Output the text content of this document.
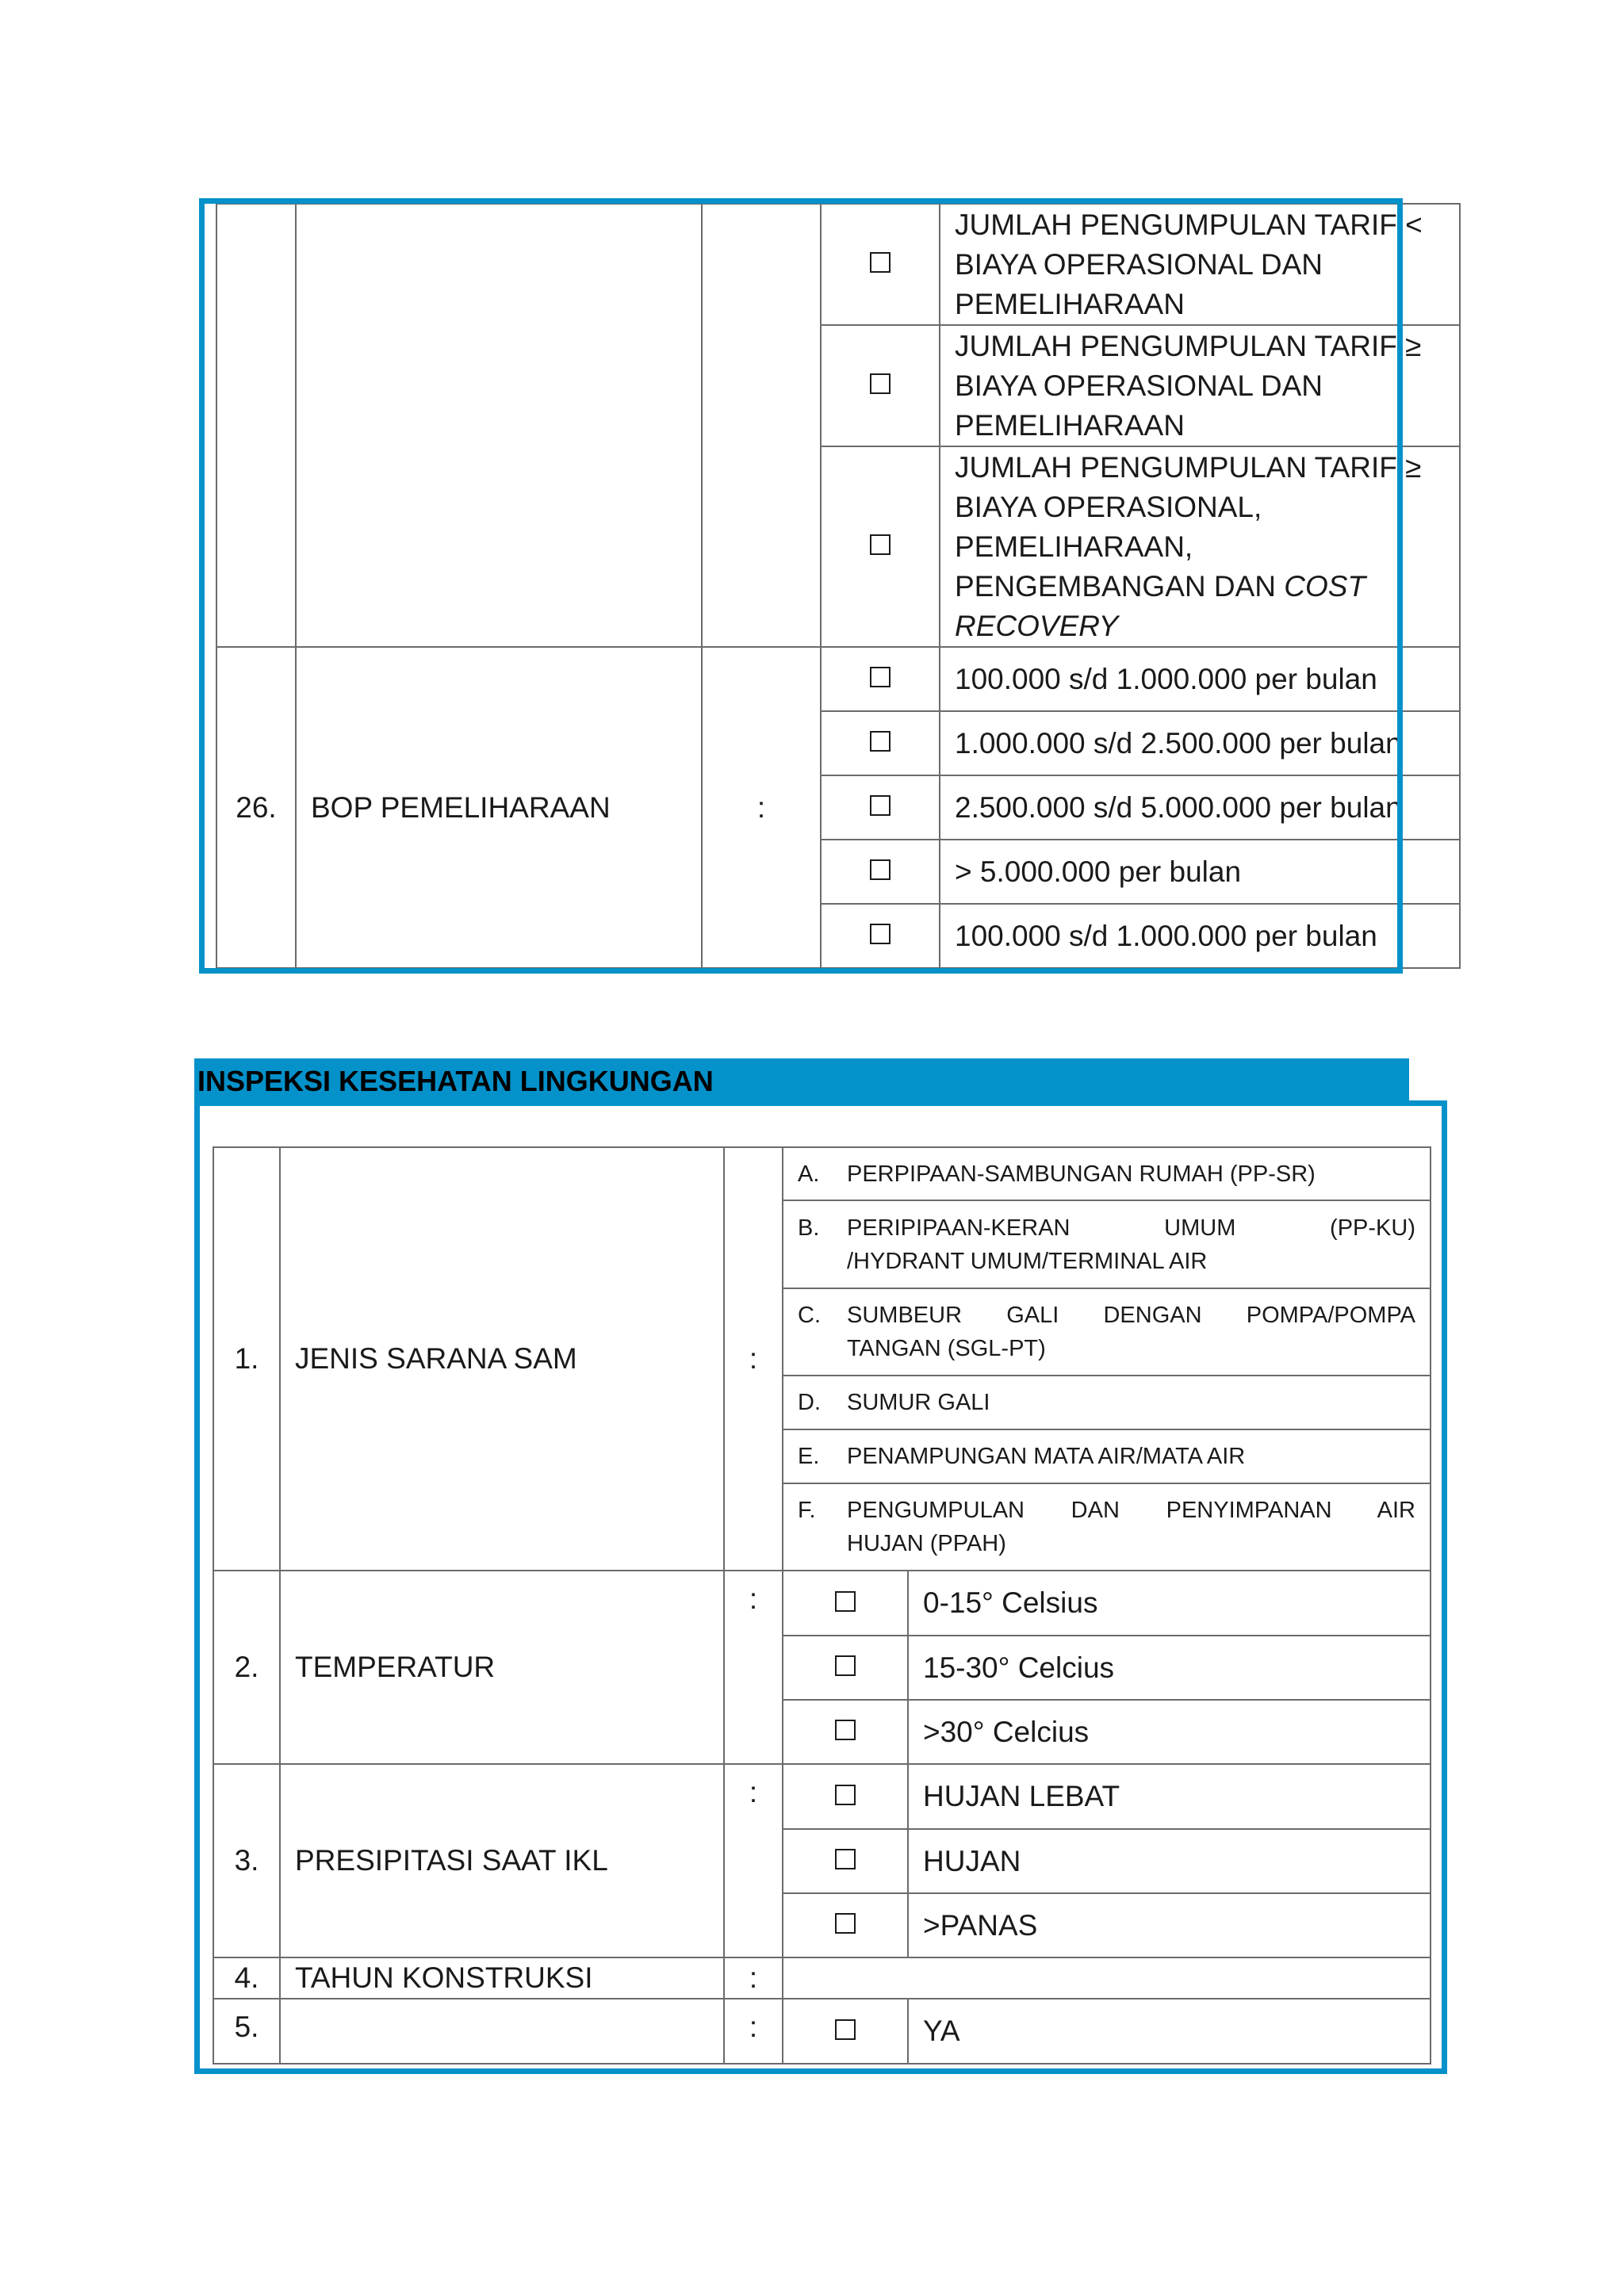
				JUMLAH PENGUMPULAN TARIF <
BIAYA OPERASIONAL DAN
PEMELIHARAAN

				JUMLAH PENGUMPULAN TARIF ≥
BIAYA OPERASIONAL DAN
PEMELIHARAAN

				JUMLAH PENGUMPULAN TARIF ≥
BIAYA OPERASIONAL,
PEMELIHARAAN,
PENGEMBANGAN DAN COST
RECOVERY

26.	BOP PEMELIHARAAN	:		100.000 s/d 1.000.000 per bulan
				1.000.000 s/d 2.500.000 per bulan
				2.500.000 s/d 5.000.000 per bulan
				> 5.000.000 per bulan
				100.000 s/d 1.000.000 per bulan
INSPEKSI KESEHATAN LINGKUNGAN
1.	JENIS SARANA SAM	:	A. PERPIPAAN-SAMBUNGAN RUMAH (PP-SR)	

			B. PERIPIPAAN-KERAN UMUM (PP-KU)
/HYDRANT UMUM/TERMINAL AIR	

			C. SUMBEUR GALI DENGAN POMPA/POMPA
TANGAN (SGL-PT)	

			D. SUMUR GALI	

			E. PENAMPUNGAN MATA AIR/MATA AIR	

			F. PENGUMPULAN DAN PENYIMPANAN AIR
HUJAN (PPAH)	

2.	TEMPERATUR	:		0-15° Celsius
				15-30° Celcius
				>30° Celcius
3.	PRESIPITASI SAAT IKL	:		HUJAN LEBAT
				HUJAN
				>PANAS
4.	TAHUN KONSTRUKSI	:		
5.		:		YA
